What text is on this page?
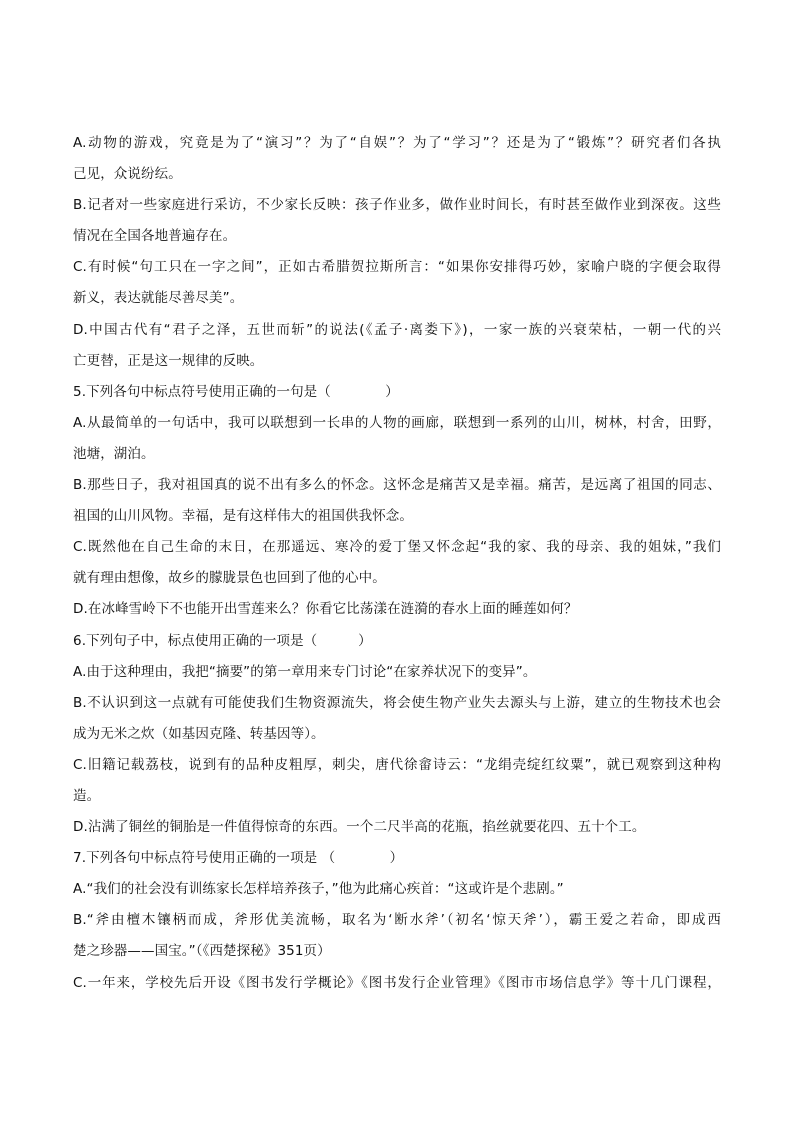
A.动物的游戏，究竟是为了“演习”？为了“自娱”？为了“学习”？还是为了“锻炼”？研究者们各执
己见，众说纷纭。
B.记者对一些家庭进行采访，不少家长反映：孩子作业多，做作业时间长，有时甚至做作业到深夜。这些
情况在全国各地普遍存在。
C.有时候“句工只在一字之间”，正如古希腊贺拉斯所言：“如果你安排得巧妙，家喻户晓的字便会取得
新义，表达就能尽善尽美”。
D.中国古代有“君子之泽，五世而斩”的说法(《孟子·离娄下》)，一家一族的兴衰荣枯，一朝一代的兴
亡更替，正是这一规律的反映。
5.下列各句中标点符号使用正确的一句是（　　　　）
A.从最简单的一句话中，我可以联想到一长串的人物的画廊，联想到一系列的山川，树林，村舍，田野，
池塘，湖泊。
B.那些日子，我对祖国真的说不出有多么的怀念。这怀念是痛苦又是幸福。痛苦，是远离了祖国的同志、
祖国的山川风物。幸福，是有这样伟大的祖国供我怀念。
C.既然他在自己生命的末日，在那遥远、寒冷的爱丁堡又怀念起“我的家、我的母亲、我的姐妹，”我们
就有理由想像，故乡的朦胧景色也回到了他的心中。
D.在冰峰雪岭下不也能开出雪莲来么？你看它比荡漾在涟漪的春水上面的睡莲如何？
6.下列句子中，标点使用正确的一项是（　　　）
A.由于这种理由，我把“摘要”的第一章用来专门讨论“在家养状况下的变异”。
B.不认识到这一点就有可能使我们生物资源流失，将会使生物产业失去源头与上游，建立的生物技术也会
成为无米之炊（如基因克隆、转基因等）。
C.旧籍记载荔枝，说到有的品种皮粗厚，刺尖，唐代徐畲诗云：“龙绢壳绽红纹粟”，就已观察到这种构
造。
D.沾满了铜丝的铜胎是一件值得惊奇的东西。一个二尺半高的花瓶，掐丝就要花四、五十个工。
7.下列各句中标点符号使用正确的一项是 （　　　　）
A.“我们的社会没有训练家长怎样培养孩子，”他为此痛心疾首：“这或许是个悲剧。”
B.“斧由檀木镶柄而成，斧形优美流畅，取名为‘断水斧’（初名‘惊天斧’），霸王爱之若命，即成西
楚之珍器——国宝。”（《西楚探秘》351页）
C.一年来，学校先后开设《图书发行学概论》《图书发行企业管理》《图市市场信息学》等十几门课程，
